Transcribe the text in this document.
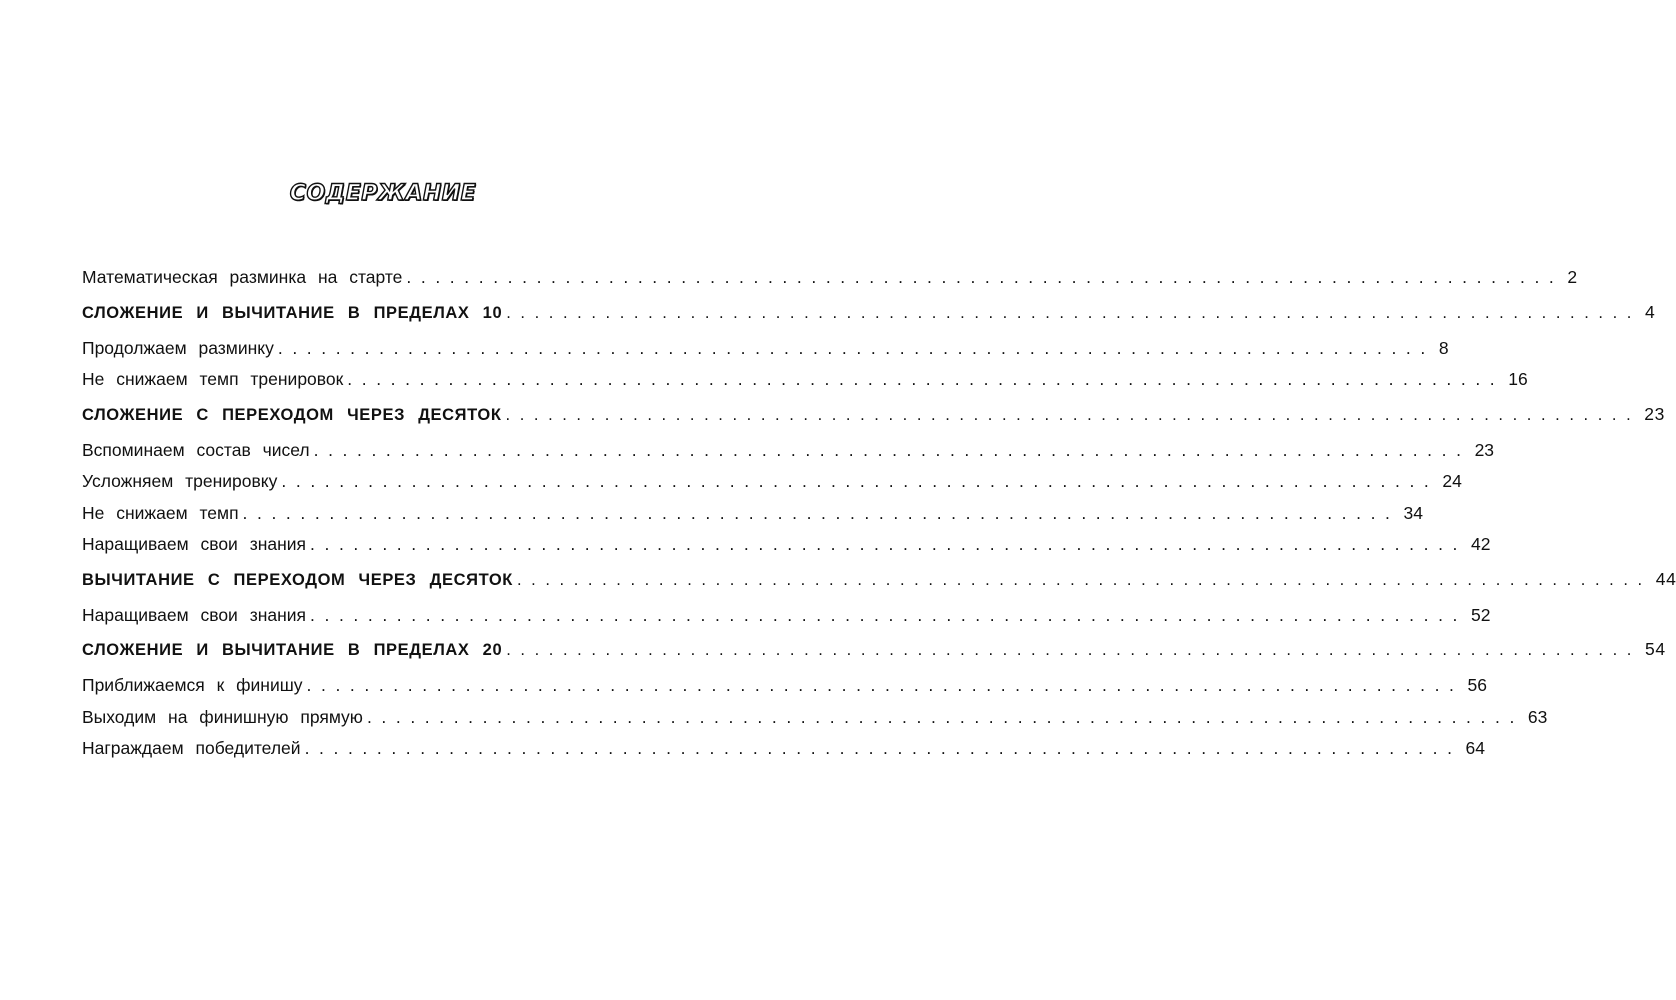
СОДЕРЖАНИЕ
Математическая разминка на старте ................................................................................ 2
СЛОЖЕНИЕ И ВЫЧИТАНИЕ В ПРЕДЕЛАХ 10 ................................................................................ 4
Продолжаем разминку ................................................................................ 8
Не снижаем темп тренировок ................................................................................ 16
СЛОЖЕНИЕ С ПЕРЕХОДОМ ЧЕРЕЗ ДЕСЯТОК ................................................................................ 23
Вспоминаем состав чисел ................................................................................ 23
Усложняем тренировку ................................................................................ 24
Не снижаем темп ................................................................................ 34
Наращиваем свои знания ................................................................................ 42
ВЫЧИТАНИЕ С ПЕРЕХОДОМ ЧЕРЕЗ ДЕСЯТОК ................................................................................ 44
Наращиваем свои знания ................................................................................ 52
СЛОЖЕНИЕ И ВЫЧИТАНИЕ В ПРЕДЕЛАХ 20 ................................................................................ 54
Приближаемся к финишу ................................................................................ 56
Выходим на финишную прямую ................................................................................ 63
Награждаем победителей ................................................................................ 64
